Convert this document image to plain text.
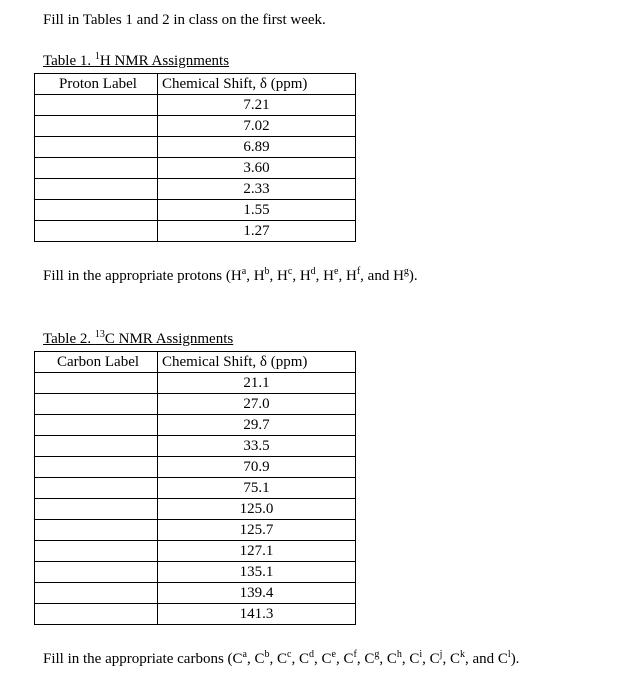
Fill in Tables 1 and 2 in class on the first week.
Table 1. $^1$H NMR Assignments
Proton Label	Chemical Shift, δ (ppm)
	7.21
	7.02
	6.89
	3.60
	2.33
	1.55
	1.27
Fill in the appropriate protons ($H^a$, $H^b$, $H^c$, $H^d$, $H^e$, $H^f$, and $H^g$).
Table 2. $^{13}$C NMR Assignments
Carbon Label	Chemical Shift, δ (ppm)
	21.1
	27.0
	29.7
	33.5
	70.9
	75.1
	125.0
	125.7
	127.1
	135.1
	139.4
	141.3
Fill in the appropriate carbons ($C^a$, $C^b$, $C^c$, $C^d$, Ce, $C^f$, $C^g$, $C^h$, $C^i$, $C^j$, $C^k$, and $C^l$).
